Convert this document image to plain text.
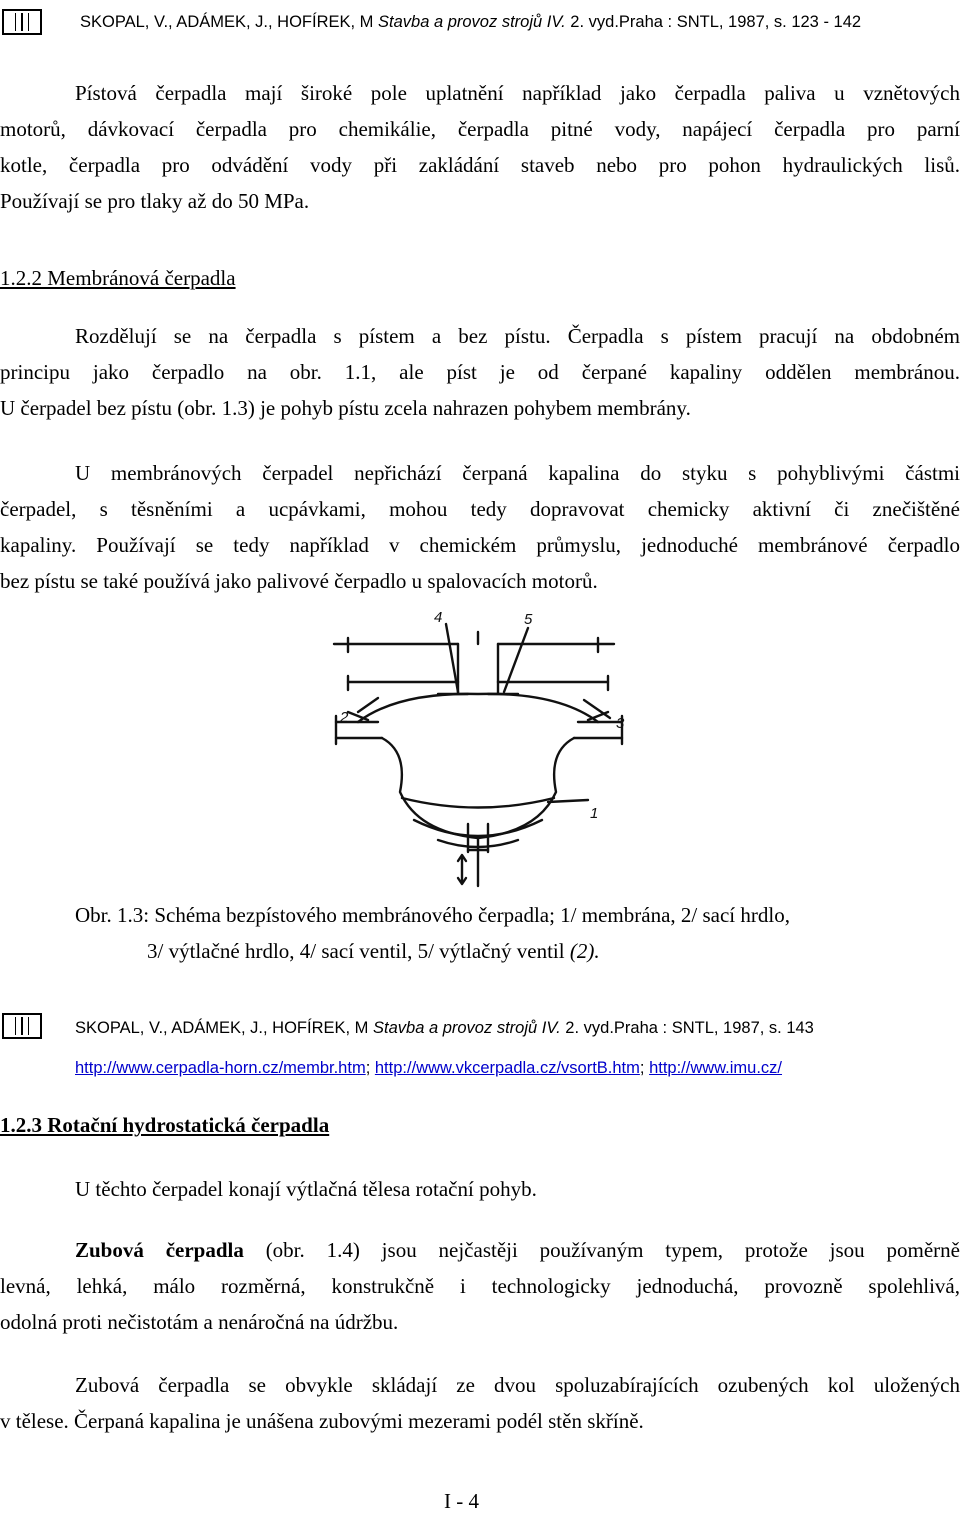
SKOPAL, V., ADÁMEK, J., HOFÍREK, M Stavba a provoz strojů IV. 2. vyd.Praha : SNTL, 1987, s. 123 - 142
Pístová čerpadla mají široké pole uplatnění například jako čerpadla paliva u vznětových
motorů, dávkovací čerpadla pro chemikálie, čerpadla pitné vody, napájecí čerpadla pro parní
kotle, čerpadla pro odvádění vody při zakládání staveb nebo pro pohon hydraulických lisů.
Používají se pro tlaky až do 50 MPa.
1.2.2 Membránová čerpadla
Rozdělují se na čerpadla s pístem a bez pístu. Čerpadla s pístem pracují na obdobném
principu jako čerpadlo na obr. 1.1, ale píst je od čerpané kapaliny oddělen membránou.
U čerpadel bez pístu (obr. 1.3) je pohyb pístu zcela nahrazen pohybem membrány.
U membránových čerpadel nepřichází čerpaná kapalina do styku s pohyblivými částmi
čerpadel, s těsněními a ucpávkami, mohou tedy dopravovat chemicky aktivní či znečištěné
kapaliny. Používají se tedy například v chemickém průmyslu, jednoduché membránové čerpadlo
bez pístu se také používá jako palivové čerpadlo u spalovacích motorů.
4	5
2	3
1
Obr. 1.3: Schéma bezpístového membránového čerpadla; 1/ membrána, 2/ sací hrdlo,
3/ výtlačné hrdlo, 4/ sací ventil, 5/ výtlačný ventil (2).
SKOPAL, V., ADÁMEK, J., HOFÍREK, M Stavba a provoz strojů IV. 2. vyd.Praha : SNTL, 1987, s. 143
http://www.cerpadla-horn.cz/membr.htm; http://www.vkcerpadla.cz/vsortB.htm; http://www.imu.cz/
1.2.3 Rotační hydrostatická čerpadla
U těchto čerpadel konají výtlačná tělesa rotační pohyb.
Zubová čerpadla (obr. 1.4) jsou nejčastěji používaným typem, protože jsou poměrně
levná, lehká, málo rozměrná, konstrukčně i technologicky jednoduchá, provozně spolehlivá,
odolná proti nečistotám a nenáročná na údržbu.
Zubová čerpadla se obvykle skládají ze dvou spoluzabírajících ozubených kol uložených
v tělese. Čerpaná kapalina je unášena zubovými mezerami podél stěn skříně.
I - 4
